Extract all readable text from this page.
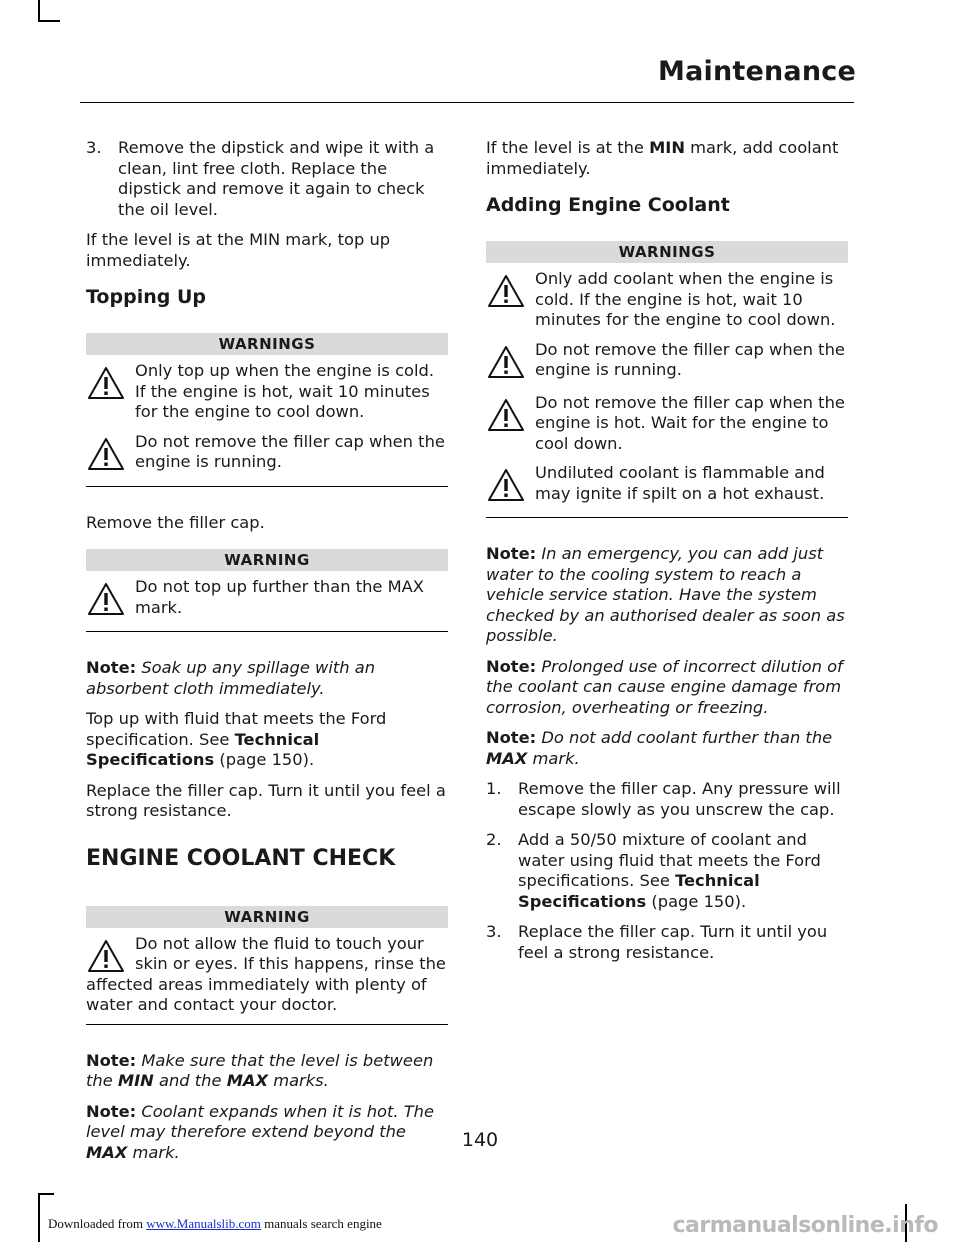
Maintenance
3.	Remove the dipstick and wipe it with a clean, lint free cloth. Replace the dipstick and remove it again to check the oil level.

If the level is at the MIN mark, top up immediately.

Topping Up
WARNINGS
Only top up when the engine is cold. If the engine is hot, wait 10 minutes for the engine to cool down.
Do not remove the filler cap when the engine is running.

Remove the filler cap.

WARNING
Do not top up further than the MAX mark.

Note: Soak up any spillage with an absorbent cloth immediately.

Top up with fluid that meets the Ford specification. See Technical Specifications (page 150).

Replace the filler cap. Turn it until you feel a strong resistance.

ENGINE COOLANT CHECK
WARNING
Do not allow the fluid to touch your skin or eyes. If this happens, rinse the affected areas immediately with plenty of water and contact your doctor.

Note: Make sure that the level is between the MIN and the MAX marks.

Note: Coolant expands when it is hot. The level may therefore extend beyond the MAX mark.

If the level is at the MIN mark, add coolant immediately.

Adding Engine Coolant
WARNINGS
Only add coolant when the engine is cold. If the engine is hot, wait 10 minutes for the engine to cool down.
Do not remove the filler cap when the engine is running.
Do not remove the filler cap when the engine is hot. Wait for the engine to cool down.
Undiluted coolant is flammable and may ignite if spilt on a hot exhaust.

Note: In an emergency, you can add just water to the cooling system to reach a vehicle service station. Have the system checked by an authorised dealer as soon as possible.

Note: Prolonged use of incorrect dilution of the coolant can cause engine damage from corrosion, overheating or freezing.

Note: Do not add coolant further than the MAX mark.

1.	Remove the filler cap. Any pressure will escape slowly as you unscrew the cap.
2.	Add a 50/50 mixture of coolant and water using fluid that meets the Ford specifications. See Technical Specifications (page 150).
3.	Replace the filler cap. Turn it until you feel a strong resistance.
140
Downloaded from www.Manualslib.com manuals search engine	carmanualsonline.info
